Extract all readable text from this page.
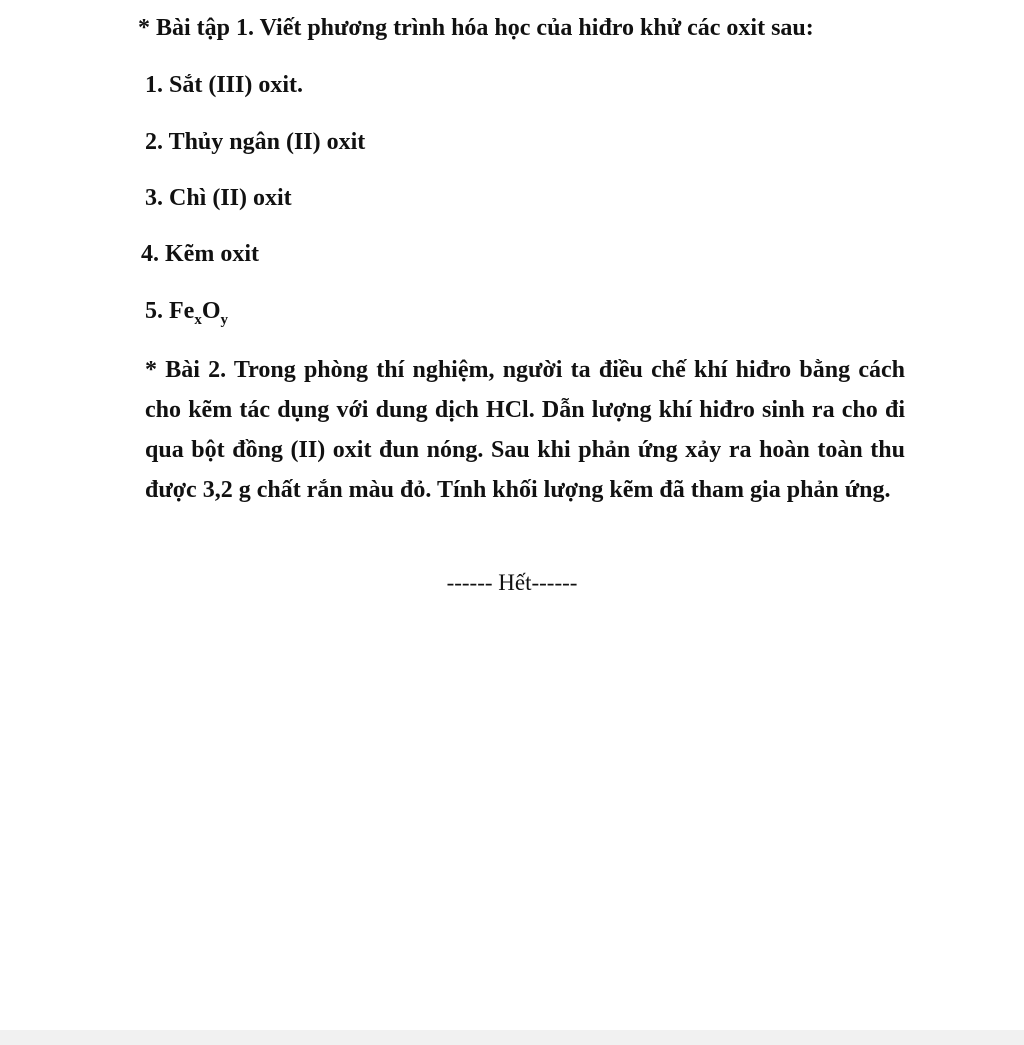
* Bài tập 1. Viết phương trình hóa học của hiđro khử các oxit sau:
1. Sắt (III) oxit.
2. Thủy ngân (II) oxit
3. Chì (II) oxit
4. Kẽm oxit
5. $Fe_xO_y$
* Bài 2. Trong phòng thí nghiệm, người ta điều chế khí hiđro bằng cách cho kẽm tác dụng với dung dịch HCl. Dẫn lượng khí hiđro sinh ra cho đi qua bột đồng (II) oxit đun nóng. Sau khi phản ứng xảy ra hoàn toàn thu được 3,2 g chất rắn màu đỏ. Tính khối lượng kẽm đã tham gia phản ứng.
------ Hết------
